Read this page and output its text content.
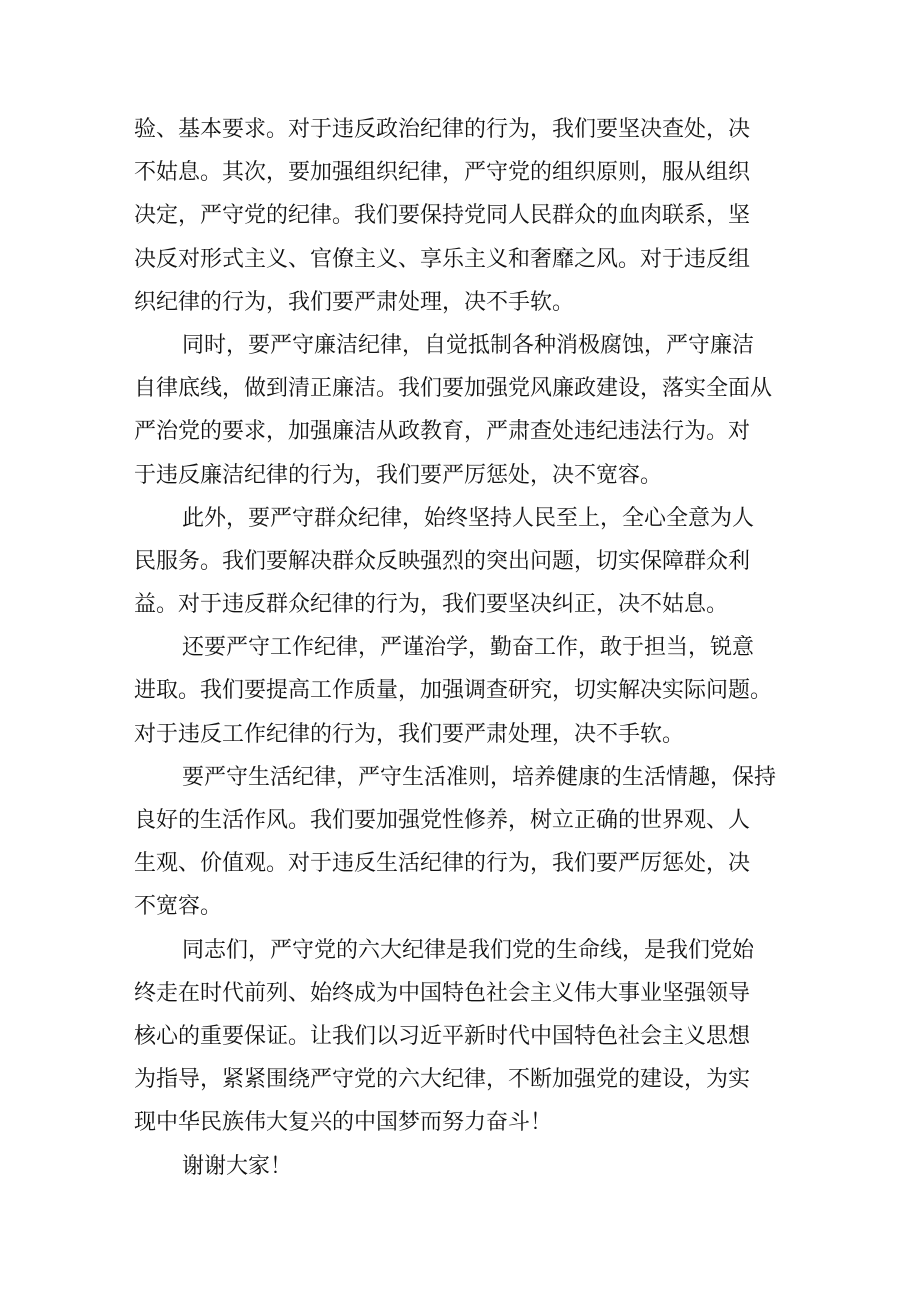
验、基本要求。对于违反政治纪律的行为，我们要坚决查处，决
不姑息。其次，要加强组织纪律，严守党的组织原则，服从组织
决定，严守党的纪律。我们要保持党同人民群众的血肉联系，坚
决反对形式主义、官僚主义、享乐主义和奢靡之风。对于违反组
织纪律的行为，我们要严肃处理，决不手软。
同时，要严守廉洁纪律，自觉抵制各种消极腐蚀，严守廉洁
自律底线，做到清正廉洁。我们要加强党风廉政建设，落实全面从
严治党的要求，加强廉洁从政教育，严肃查处违纪违法行为。对
于违反廉洁纪律的行为，我们要严厉惩处，决不宽容。
此外，要严守群众纪律，始终坚持人民至上，全心全意为人
民服务。我们要解决群众反映强烈的突出问题，切实保障群众利
益。对于违反群众纪律的行为，我们要坚决纠正，决不姑息。
还要严守工作纪律，严谨治学，勤奋工作，敢于担当，锐意
进取。我们要提高工作质量，加强调查研究，切实解决实际问题。
对于违反工作纪律的行为，我们要严肃处理，决不手软。
要严守生活纪律，严守生活准则，培养健康的生活情趣，保持
良好的生活作风。我们要加强党性修养，树立正确的世界观、人
生观、价值观。对于违反生活纪律的行为，我们要严厉惩处，决
不宽容。
同志们，严守党的六大纪律是我们党的生命线，是我们党始
终走在时代前列、始终成为中国特色社会主义伟大事业坚强领导
核心的重要保证。让我们以习近平新时代中国特色社会主义思想
为指导，紧紧围绕严守党的六大纪律，不断加强党的建设，为实
现中华民族伟大复兴的中国梦而努力奋斗！
谢谢大家！
